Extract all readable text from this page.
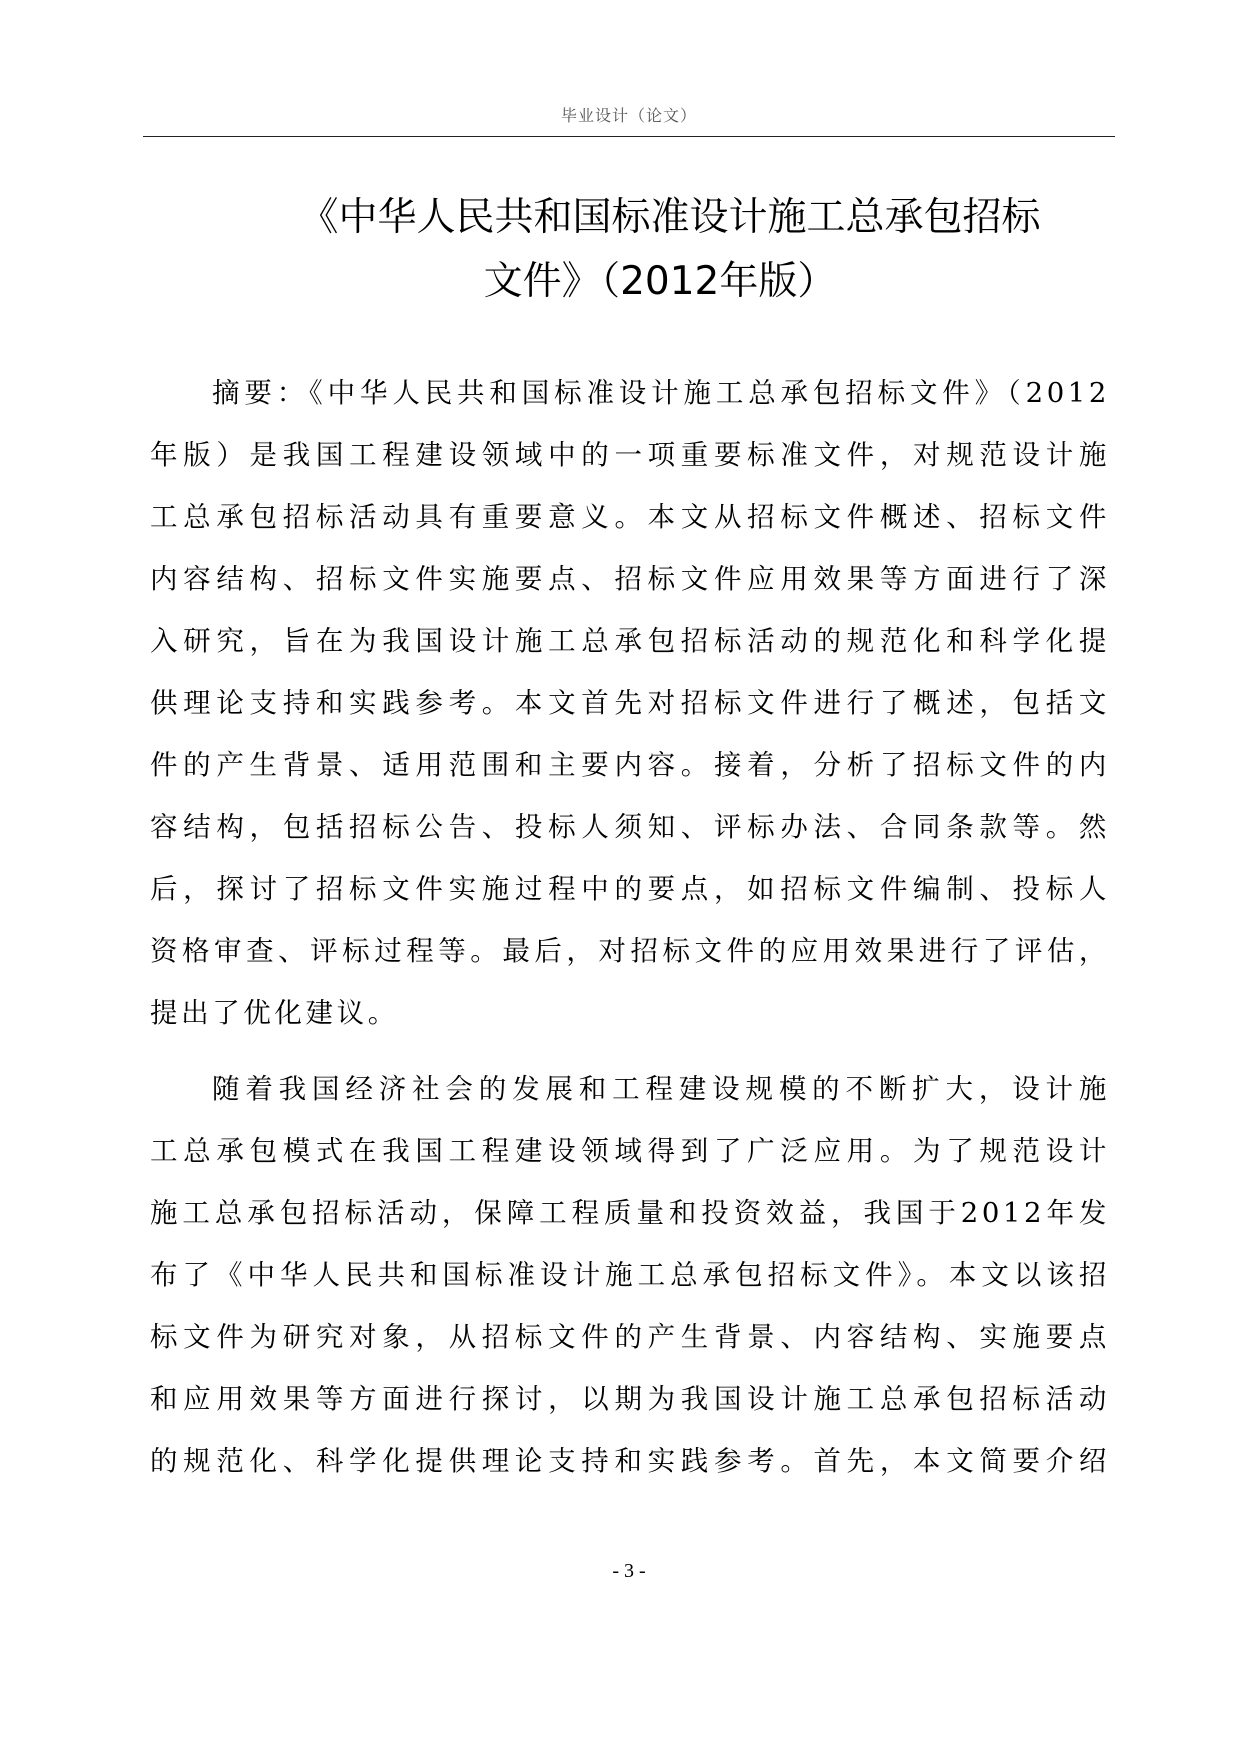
毕业设计（论文）
《中华人民共和国标准设计施工总承包招标
文件》（2012年版）
摘要：《中华人民共和国标准设计施工总承包招标文件》（2012
年版）是我国工程建设领域中的一项重要标准文件，对规范设计施
工总承包招标活动具有重要意义。本文从招标文件概述、招标文件
内容结构、招标文件实施要点、招标文件应用效果等方面进行了深
入研究，旨在为我国设计施工总承包招标活动的规范化和科学化提
供理论支持和实践参考。本文首先对招标文件进行了概述，包括文
件的产生背景、适用范围和主要内容。接着，分析了招标文件的内
容结构，包括招标公告、投标人须知、评标办法、合同条款等。然
后，探讨了招标文件实施过程中的要点，如招标文件编制、投标人
资格审查、评标过程等。最后，对招标文件的应用效果进行了评估，
提出了优化建议。
随着我国经济社会的发展和工程建设规模的不断扩大，设计施
工总承包模式在我国工程建设领域得到了广泛应用。为了规范设计
施工总承包招标活动，保障工程质量和投资效益，我国于2012年发
布了《中华人民共和国标准设计施工总承包招标文件》。本文以该招
标文件为研究对象，从招标文件的产生背景、内容结构、实施要点
和应用效果等方面进行探讨，以期为我国设计施工总承包招标活动
的规范化、科学化提供理论支持和实践参考。首先，本文简要介绍
- 3 -
